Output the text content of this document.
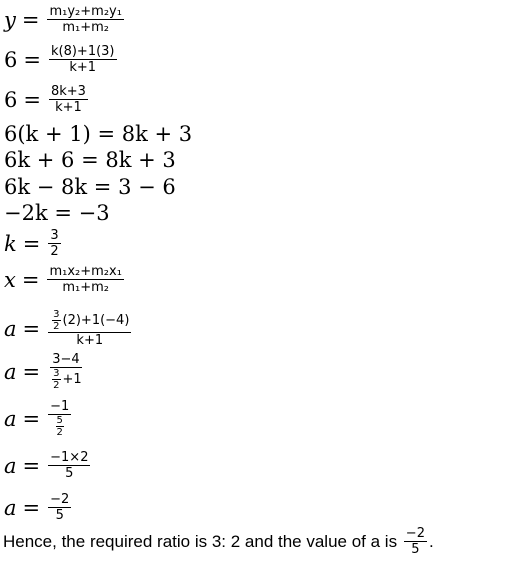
$y = \frac{\text{m₁y₂+m₂y₁}}{\text{m₁+m₂}}$
$6 = \frac{k(8)+1(3)}{k+1}$
$6 = \frac{8k+3}{k+1}$
6(k + 1) = 8k + 3
6k + 6 = 8k + 3
6k − 8k = 3 − 6
−2k = −3
$k = \frac{3}{2}$
$x = \frac{\text{m₁x₂+m₂x₁}}{\text{m₁+m₂}}$
$a = \frac{\frac{3}{2} (2)+1(-4)}{k+1}$
$a = \frac{3-4}{\frac{3}{2} +1}$
$a = \frac{-1}{\frac{5}{2}}$
$a = \frac{-1\times 2}{5}$
$a = \frac{-2}{5}$
Hence, the required ratio is 3: 2 and the value of a is $\frac{-2}{5}$ .
